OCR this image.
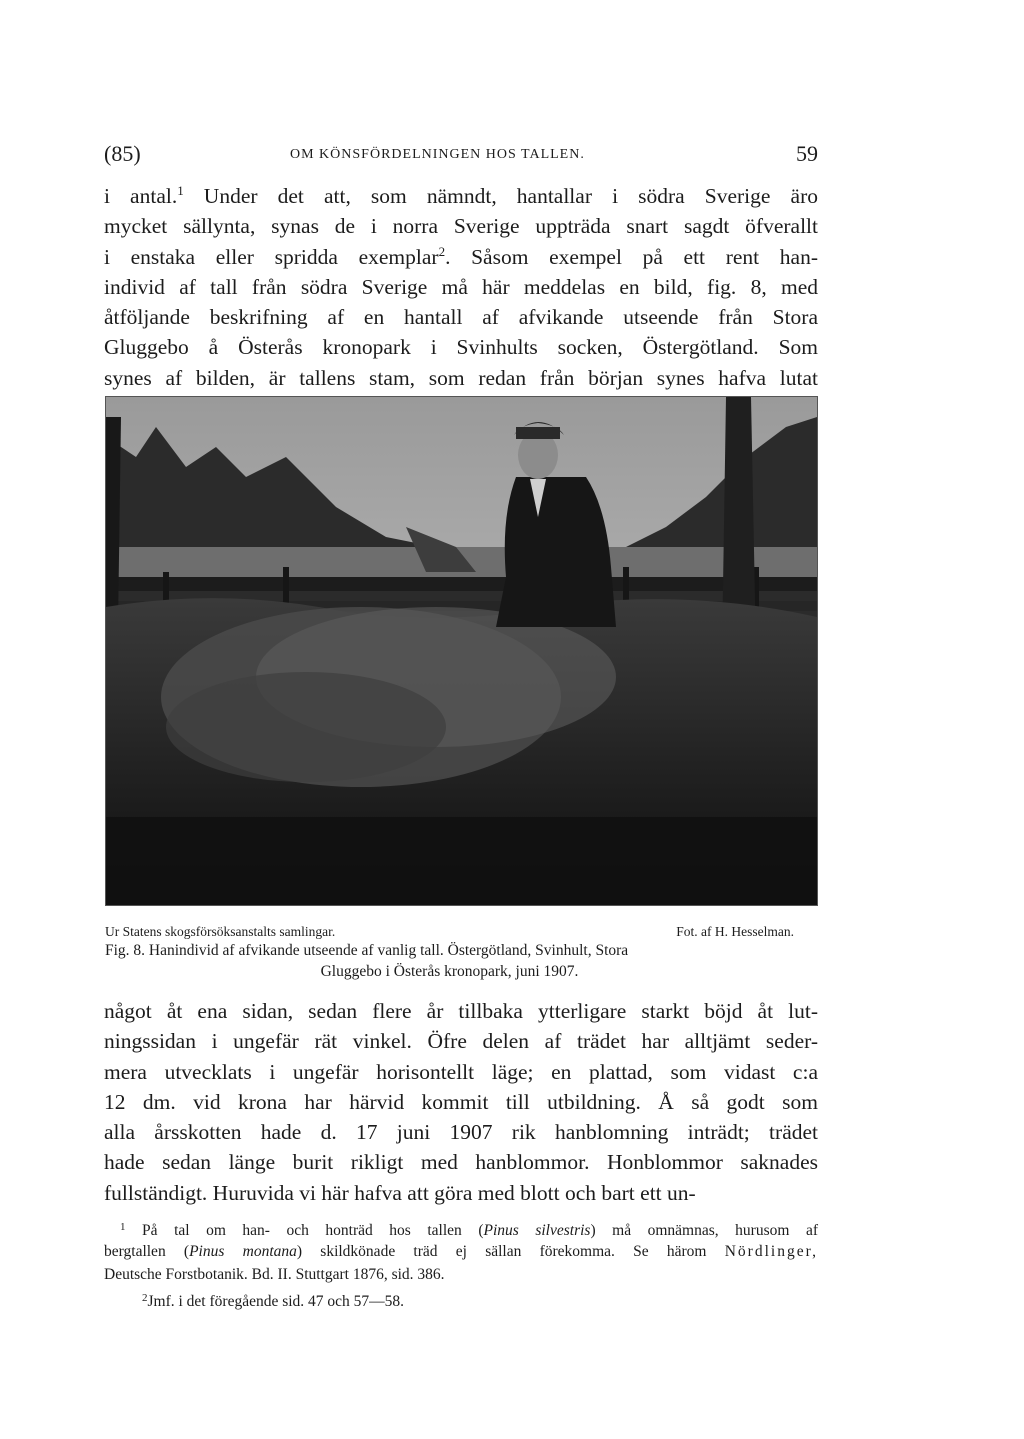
(85)	OM KÖNSFÖRDELNINGEN HOS TALLEN.	59
i antal.$^1$ Under det att, som nämndt, hantallar i södra Sverige äro
mycket sällynta, synas de i norra Sverige uppträda snart sagdt öfverallt
i enstaka eller spridda exemplar$^2$. Såsom exempel på ett rent han-
individ af tall från södra Sverige må här meddelas en bild, fig. 8, med
åtföljande beskrifning af en hantall af afvikande utseende från Stora
Gluggebo å Österås kronopark i Svinhults socken, Östergötland. Som
synes af bilden, är tallens stam, som redan från början synes hafva lutat
Ur Statens skogsförsöksanstalts samlingar.	Fot. af H. Hesselman.
Fig. 8. Hanindivid af afvikande utseende af vanlig tall. Östergötland, Svinhult, Stora
Gluggebo i Österås kronopark, juni 1907.
något åt ena sidan, sedan flere år tillbaka ytterligare starkt böjd åt lut-
ningssidan i ungefär rät vinkel. Öfre delen af trädet har alltjämt seder-
mera utvecklats i ungefär horisontellt läge; en plattad, som vidast c:a
12 dm. vid krona har härvid kommit till utbildning. Å så godt som
alla årsskotten hade d. 17 juni 1907 rik hanblomning inträdt; trädet
hade sedan länge burit rikligt med hanblommor. Honblommor saknades
fullständigt. Huruvida vi här hafva att göra med blott och bart ett un-
$^1$ På tal om han- och honträd hos tallen (Pinus silvestris) må omnämnas, hurusom af
bergtallen (Pinus montana) skildkönade träd ej sällan förekomma. Se härom Nördlinger,
Deutsche Forstbotanik. Bd. II. Stuttgart 1876, sid. 386.
$^2$Jmf. i det föregående sid. 47 och 57—58.
